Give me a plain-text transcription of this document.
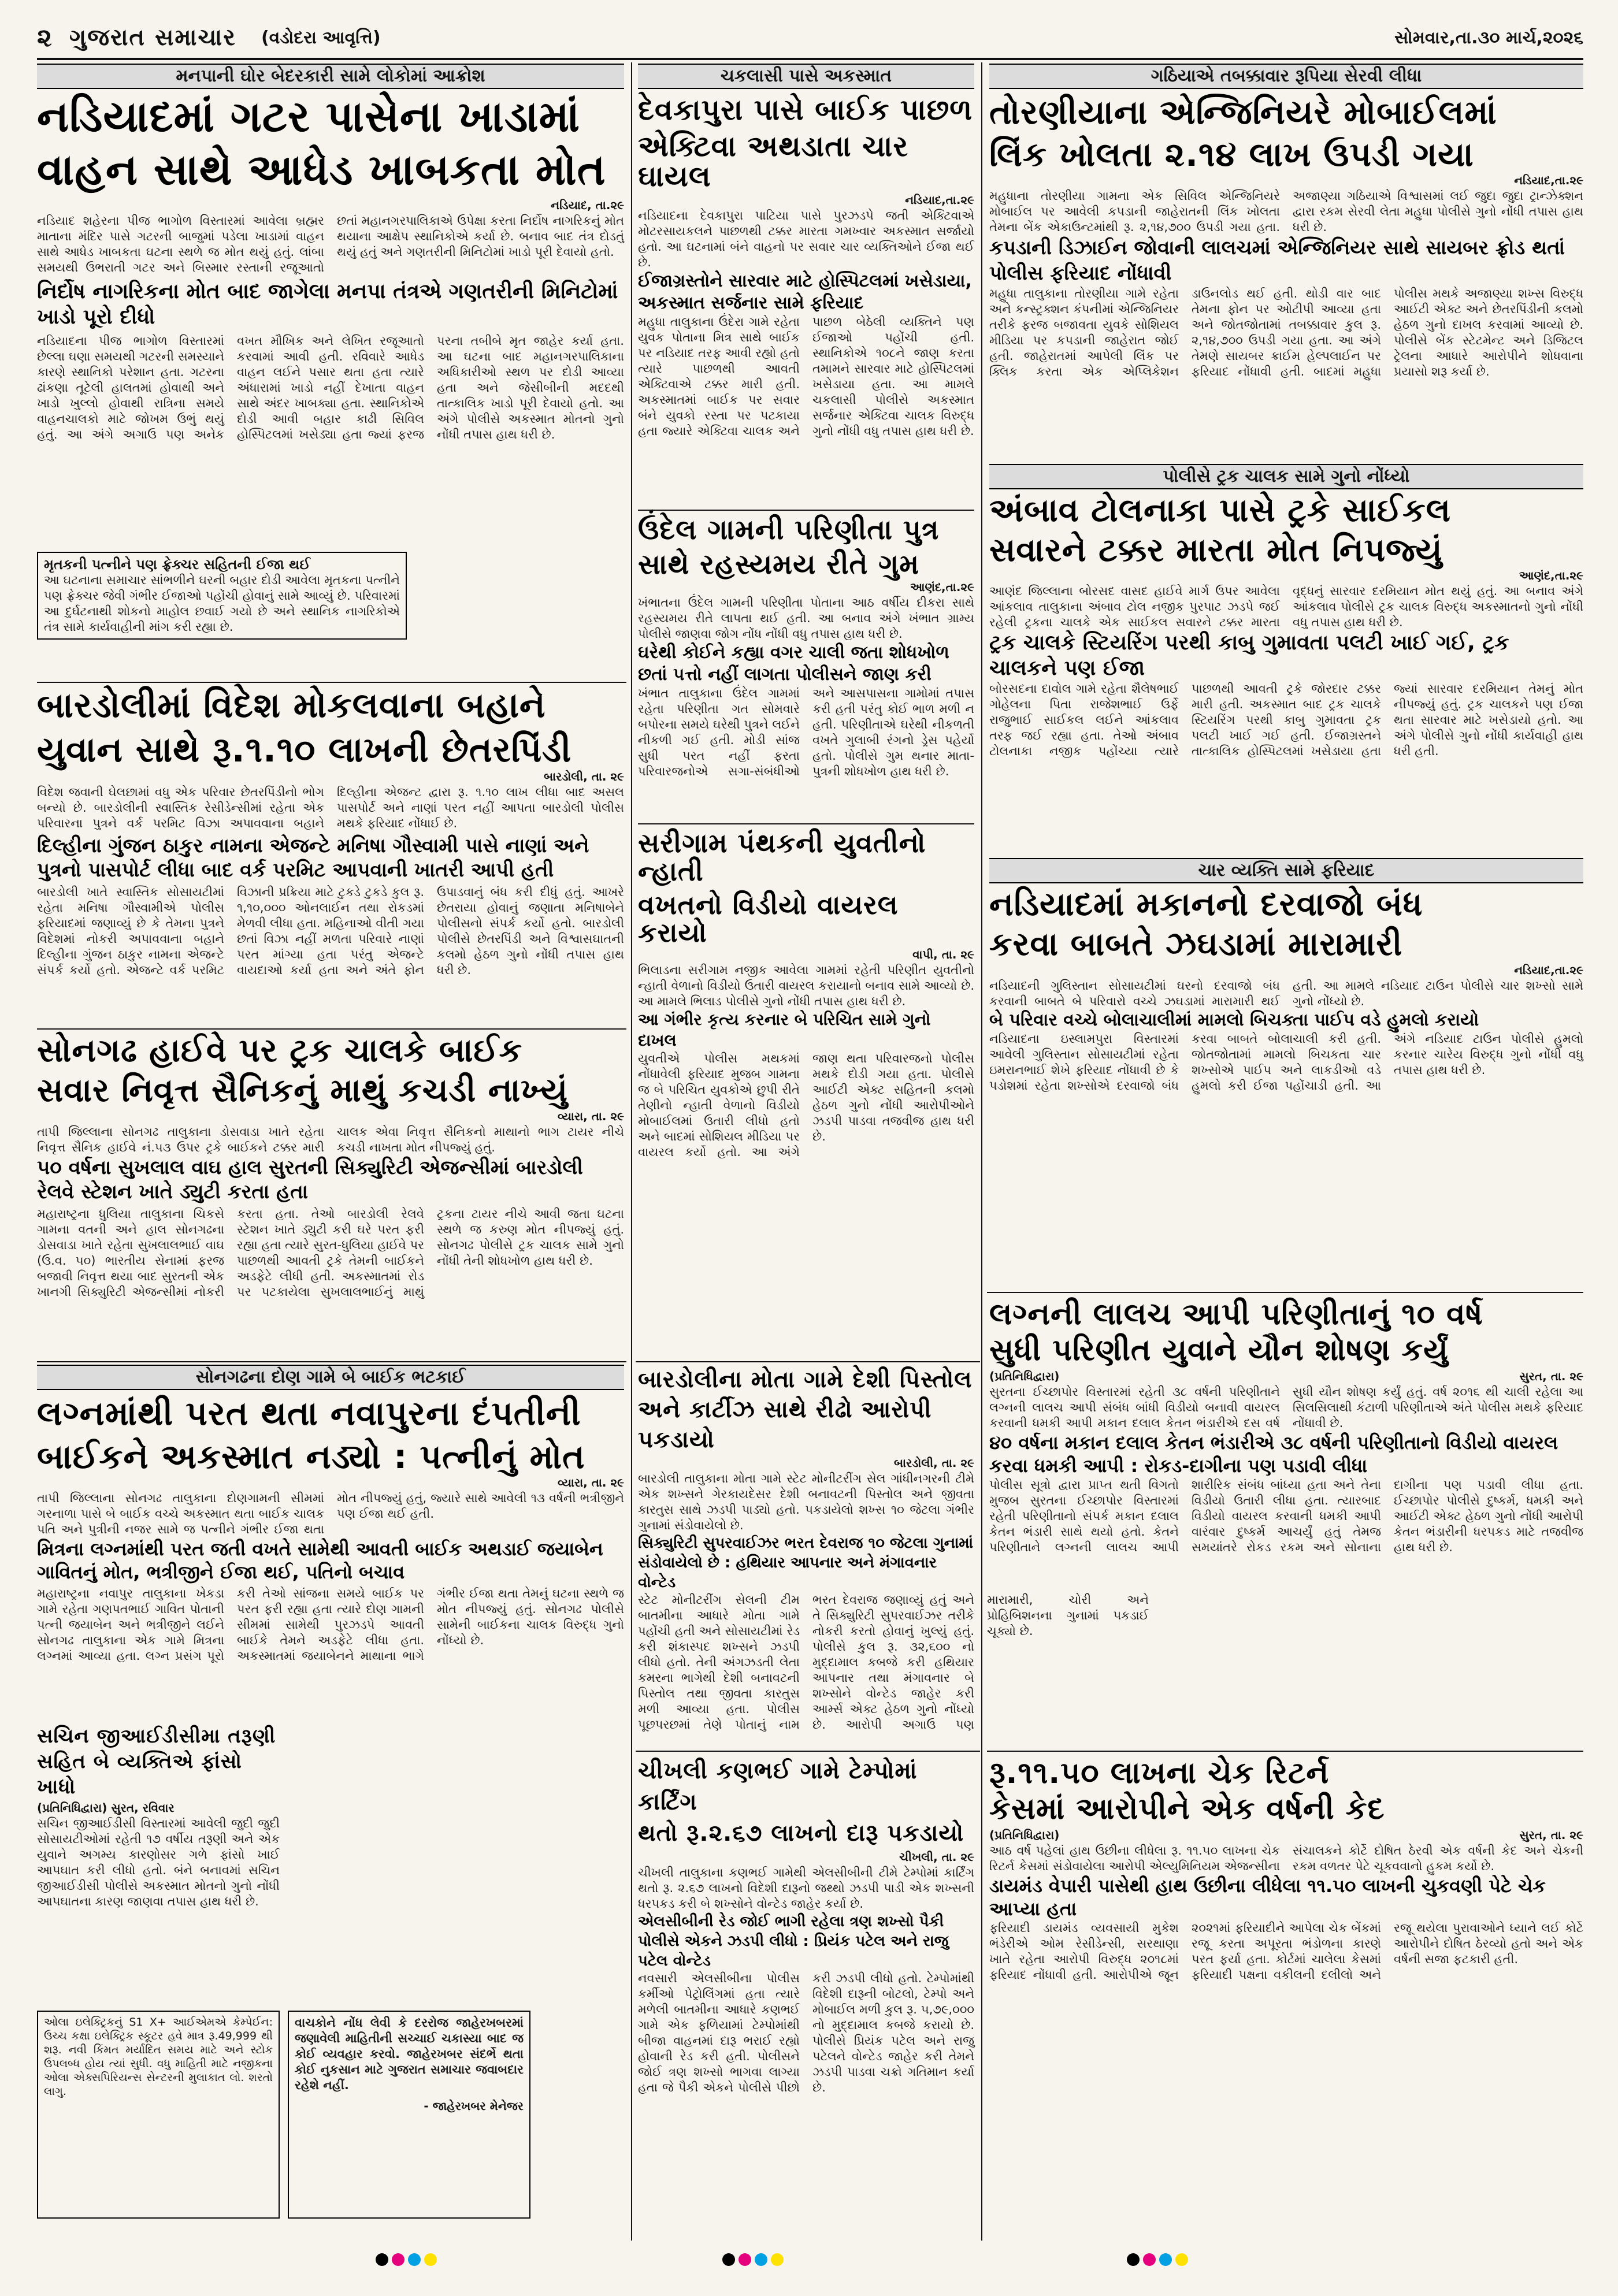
૨ ગુજરાત સમાચાર (વડોદરા આવૃત્તિ)	સોમવાર,તા.૩૦ માર્ચ,૨૦૨૬
મનપાની ઘોર બેદરકારી સામે લોકોમાં આક્રોશ
નડિયાદમાં ગટર પાસેના ખાડામાં
વાહન સાથે આધેડ ખાબકતા મોત
નડિયાદ, તા.૨૯
નડિયાદ શહેરના પીજ ભાગોળ વિસ્તારમાં આવેલા બ્રહ્મર માતાના મંદિર પાસે ગટરની બાજુમાં પડેલા ખાડામાં વાહન સાથે આધેડ ખાબકતા ઘટના સ્થળે જ મોત થયું હતું. લાંબા સમયથી ઉભરાતી ગટર અને બિસ્માર રસ્તાની રજૂઆતો છતાં મહાનગરપાલિકાએ ઉપેક્ષા કરતા નિર્દોષ નાગરિકનું મોત થયાના આક્ષેપ સ્થાનિકોએ કર્યા છે. બનાવ બાદ તંત્ર દોડતું થયું હતું અને ગણતરીની મિનિટોમાં ખાડો પૂરી દેવાયો હતો.
નિર્દોષ નાગરિકના મોત બાદ જાગેલા મનપા તંત્રએ ગણતરીની મિનિટોમાં ખાડો પૂરો દીધો
નડિયાદના પીજ ભાગોળ વિસ્તારમાં છેલ્લા ઘણા સમયથી ગટરની સમસ્યાને કારણે સ્થાનિકો પરેશાન હતા. ગટરના ઢાંકણા તૂટેલી હાલતમાં હોવાથી અને ખાડો ખુલ્લો હોવાથી રાત્રિના સમયે વાહનચાલકો માટે જોખમ ઉભું થયું હતું. આ અંગે અગાઉ પણ અનેક વખત મૌખિક અને લેખિત રજૂઆતો કરવામાં આવી હતી. રવિવારે આધેડ વાહન લઈને પસાર થતા હતા ત્યારે અંધારામાં ખાડો નહીં દેખાતા વાહન સાથે અંદર ખાબક્યા હતા. સ્થાનિકોએ દોડી આવી બહાર કાઢી સિવિલ હોસ્પિટલમાં ખસેડ્યા હતા જ્યાં ફરજ પરના તબીબે મૃત જાહેર કર્યા હતા. આ ઘટના બાદ મહાનગરપાલિકાના અધિકારીઓ સ્થળ પર દોડી આવ્યા હતા અને જેસીબીની મદદથી તાત્કાલિક ખાડો પૂરી દેવાયો હતો. આ અંગે પોલીસે અકસ્માત મોતનો ગુનો નોંધી તપાસ હાથ ધરી છે.
મૃતકની પત્નીને પણ ફ્રેક્ચર સહિતની ઈજા થઈ
આ ઘટનાના સમાચાર સાંભળીને ઘરની બહાર દોડી આવેલા મૃતકના પત્નીને પણ ફ્રેક્ચર જેવી ગંભીર ઈજાઓ પહોંચી હોવાનું સામે આવ્યું છે. પરિવારમાં આ દુર્ઘટનાથી શોકનો માહોલ છવાઈ ગયો છે અને સ્થાનિક નાગરિકોએ તંત્ર સામે કાર્યવાહીની માંગ કરી રહ્યા છે.
બારડોલીમાં વિદેશ મોકલવાના બહાને
યુવાન સાથે રૂ.૧.૧૦ લાખની છેતરપિંડી
બારડોલી, તા. ૨૯
વિદેશ જવાની ઘેલછામાં વધુ એક પરિવાર છેતરપિંડીનો ભોગ બન્યો છે. બારડોલીની સ્વાસ્તિક રેસીડેન્સીમાં રહેતા એક પરિવારના પુત્રને વર્ક પરમિટ વિઝા અપાવવાના બહાને દિલ્હીના એજન્ટ દ્વારા રૂ. ૧.૧૦ લાખ લીધા બાદ અસલ પાસપોર્ટ અને નાણાં પરત નહીં આપતા બારડોલી પોલીસ મથકે ફરિયાદ નોંધાઈ છે.
દિલ્હીના ગુંજન ઠાકુર નામના એજન્ટે મનિષા ગૌસ્વામી પાસે નાણાં અને પુત્રનો પાસપોર્ટ લીધા બાદ વર્ક પરમિટ આપવાની ખાતરી આપી હતી
બારડોલી ખાતે સ્વાસ્તિક સોસાયટીમાં રહેતા મનિષા ગૌસ્વામીએ પોલીસ ફરિયાદમાં જણાવ્યું છે કે તેમના પુત્રને વિદેશમાં નોકરી અપાવવાના બહાને દિલ્હીના ગુંજન ઠાકુર નામના એજન્ટે સંપર્ક કર્યો હતો. એજન્ટે વર્ક પરમિટ વિઝાની પ્રક્રિયા માટે ટુકડે ટુકડે કુલ રૂ. ૧,૧૦,૦૦૦ ઓનલાઈન તથા રોકડમાં મેળવી લીધા હતા. મહિનાઓ વીતી ગયા છતાં વિઝા નહીં મળતા પરિવારે નાણાં પરત માંગ્યા હતા પરંતુ એજન્ટે વાયદાઓ કર્યા હતા અને અંતે ફોન ઉપાડવાનું બંધ કરી દીધું હતું. આખરે છેતરાયા હોવાનું જણાતા મનિષાબેને પોલીસનો સંપર્ક કર્યો હતો. બારડોલી પોલીસે છેતરપિંડી અને વિશ્વાસઘાતની કલમો હેઠળ ગુનો નોંધી તપાસ હાથ ધરી છે.
સોનગઢ હાઈવે પર ટ્રક ચાલકે બાઈક
સવાર નિવૃત્ત સૈનિકનું માથું કચડી નાખ્યું
વ્યારા, તા. ૨૯
તાપી જિલ્લાના સોનગઢ તાલુકાના ડોસવાડા ખાતે રહેતા નિવૃત્ત સૈનિક હાઈવે નં.૫૩ ઉપર ટ્રકે બાઈકને ટક્કર મારી ચાલક એવા નિવૃત્ત સૈનિકનો માથાનો ભાગ ટાયર નીચે કચડી નાખતા મોત નીપજ્યું હતું.
૫૦ વર્ષના સુખલાલ વાઘ હાલ સુરતની સિક્યુરિટી એજન્સીમાં બારડોલી રેલવે સ્ટેશન ખાતે ડ્યુટી કરતા હતા
મહારાષ્ટ્રના ધુલિયા તાલુકાના ચિકસે ગામના વતની અને હાલ સોનગઢના ડોસવાડા ખાતે રહેતા સુખલાલભાઈ વાઘ (ઉ.વ. ૫૦) ભારતીય સેનામાં ફરજ બજાવી નિવૃત્ત થયા બાદ સુરતની એક ખાનગી સિક્યુરિટી એજન્સીમાં નોકરી કરતા હતા. તેઓ બારડોલી રેલવે સ્ટેશન ખાતે ડ્યુટી કરી ઘરે પરત ફરી રહ્યા હતા ત્યારે સુરત-ધુલિયા હાઈવે પર પાછળથી આવતી ટ્રકે તેમની બાઈકને અડફેટે લીધી હતી. અકસ્માતમાં રોડ પર પટકાયેલા સુખલાલભાઈનું માથું ટ્રકના ટાયર નીચે આવી જતા ઘટના સ્થળે જ કરુણ મોત નીપજ્યું હતું. સોનગઢ પોલીસે ટ્રક ચાલક સામે ગુનો નોંધી તેની શોધખોળ હાથ ધરી છે.
સોનગઢના દોણ ગામે બે બાઈક ભટકાઈ
લગ્નમાંથી પરત થતા નવાપુરના દંપતીની
બાઈકને અકસ્માત નડ્યો : પત્નીનું મોત
વ્યારા, તા. ૨૯
તાપી જિલ્લાના સોનગઢ તાલુકાના દોણગામની સીમમાં ગરનાળા પાસે બે બાઈક વચ્ચે અકસ્માત થતા બાઈક ચાલક પતિ અને પુત્રીની નજર સામે જ પત્નીને ગંભીર ઈજા થતા મોત નીપજ્યું હતું, જ્યારે સાથે આવેલી ૧૩ વર્ષની ભત્રીજીને પણ ઈજા થઈ હતી.
મિત્રના લગ્નમાંથી પરત જતી વખતે સામેથી આવતી બાઈક અથડાઈ જયાબેન ગાવિતનું મોત, ભત્રીજીને ઈજા થઈ, પતિનો બચાવ
મહારાષ્ટ્રના નવાપુર તાલુકાના ખેકડા ગામે રહેતા ગણપતભાઈ ગાવિત પોતાની પત્ની જયાબેન અને ભત્રીજીને લઈને સોનગઢ તાલુકાના એક ગામે મિત્રના લગ્નમાં આવ્યા હતા. લગ્ન પ્રસંગ પૂરો કરી તેઓ સાંજના સમયે બાઈક પર પરત ફરી રહ્યા હતા ત્યારે દોણ ગામની સીમમાં સામેથી પુરઝડપે આવતી બાઈકે તેમને અડફેટે લીધા હતા. અકસ્માતમાં જયાબેનને માથાના ભાગે ગંભીર ઈજા થતા તેમનું ઘટના સ્થળે જ મોત નીપજ્યું હતું. સોનગઢ પોલીસે સામેની બાઈકના ચાલક વિરુદ્ધ ગુનો નોંધ્યો છે.
સચિન જીઆઈડીસીમા તરૂણી સહિત બે વ્યક્તિએ ફાંસો ખાધો
(પ્રતિનિધિદ્વારા) સુરત, રવિવાર
સચિન જીઆઈડીસી વિસ્તારમાં આવેલી જુદી જુદી સોસાયટીઓમાં રહેતી ૧૭ વર્ષીય તરૂણી અને એક યુવાને અગમ્ય કારણોસર ગળે ફાંસો ખાઈ આપઘાત કરી લીધો હતો. બંને બનાવમાં સચિન જીઆઈડીસી પોલીસે અકસ્માત મોતનો ગુનો નોંધી આપઘાતના કારણ જાણવા તપાસ હાથ ધરી છે.
ઓલા ઇલેક્ટ્રિકનું S1 X+ આઈએમએ કેમ્પેઈન: ઉચ્ચ કક્ષા ઇલેક્ટ્રિક સ્કૂટર હવે માત્ર રૂ.49,999 થી શરૂ. નવી કિંમત મર્યાદિત સમય માટે અને સ્ટોક ઉપલબ્ધ હોય ત્યાં સુધી. વધુ માહિતી માટે નજીકના ઓલા એક્સપિરિયન્સ સેન્ટરની મુલાકાત લો. શરતો લાગુ.
વાચકોને નોંધ લેવી કે દરરોજ જાહેરખબરમાં જણાવેલી માહિતીની સચ્ચાઈ ચકાસ્યા બાદ જ કોઈ વ્યવહાર કરવો. જાહેરખબર સંદર્ભે થતા કોઈ નુકસાન માટે ગુજરાત સમાચાર જવાબદાર રહેશે નહીં.
- જાહેરખબર મેનેજર
ચકલાસી પાસે અકસ્માત
દેવકાપુરા પાસે બાઈક પાછળ
એક્ટિવા અથડાતા ચાર ઘાયલ
નડિયાદ,તા.૨૯
નડિયાદના દેવકાપુરા પાટિયા પાસે પુરઝડપે જતી એક્ટિવાએ મોટરસાયકલને પાછળથી ટક્કર મારતા ગમખ્વાર અકસ્માત સર્જાયો હતો. આ ઘટનામાં બંને વાહનો પર સવાર ચાર વ્યક્તિઓને ઈજા થઈ છે.
ઈજાગ્રસ્તોને સારવાર માટે હોસ્પિટલમાં ખસેડાયા, અકસ્માત સર્જનાર સામે ફરિયાદ
મહુધા તાલુકાના ઉંદેરા ગામે રહેતા યુવક પોતાના મિત્ર સાથે બાઈક પર નડિયાદ તરફ આવી રહ્યો હતો ત્યારે પાછળથી આવતી એક્ટિવાએ ટક્કર મારી હતી. અકસ્માતમાં બાઈક પર સવાર બંને યુવકો રસ્તા પર પટકાયા હતા જ્યારે એક્ટિવા ચાલક અને પાછળ બેઠેલી વ્યક્તિને પણ ઈજાઓ પહોંચી હતી. સ્થાનિકોએ ૧૦૮ને જાણ કરતા તમામને સારવાર માટે હોસ્પિટલમાં ખસેડાયા હતા. આ મામલે ચકલાસી પોલીસે અકસ્માત સર્જનાર એક્ટિવા ચાલક વિરુદ્ધ ગુનો નોંધી વધુ તપાસ હાથ ધરી છે.
ઉંદેલ ગામની પરિણીતા પુત્ર
સાથે રહસ્યમય રીતે ગુમ
આણંદ,તા.૨૯
ખંભાતના ઉંદેલ ગામની પરિણીતા પોતાના આઠ વર્ષીય દીકરા સાથે રહસ્યમય રીતે લાપતા થઈ હતી. આ બનાવ અંગે ખંભાત ગ્રામ્ય પોલીસે જાણવા જોગ નોંધ નોંધી વધુ તપાસ હાથ ધરી છે.
ઘરેથી કોઈને કહ્યા વગર ચાલી જતા શોધખોળ છતાં પત્તો નહીં લાગતા પોલીસને જાણ કરી
ખંભાત તાલુકાના ઉંદેલ ગામમાં રહેતા પરિણીતા ગત સોમવારે બપોરના સમયે ઘરેથી પુત્રને લઈને નીકળી ગઈ હતી. મોડી સાંજ સુધી પરત નહીં ફરતા પરિવારજનોએ સગા-સંબંધીઓ અને આસપાસના ગામોમાં તપાસ કરી હતી પરંતુ કોઈ ભાળ મળી ન હતી. પરિણીતાએ ઘરેથી નીકળતી વખતે ગુલાબી રંગનો ડ્રેસ પહેર્યો હતો. પોલીસે ગુમ થનાર માતા-પુત્રની શોધખોળ હાથ ધરી છે.
સરીગામ પંથકની યુવતીનો ન્હાતી
વખતનો વિડીયો વાયરલ કરાયો
વાપી, તા. ૨૯
ભિલાડના સરીગામ નજીક આવેલા ગામમાં રહેતી પરિણીત યુવતીનો ન્હાતી વેળાનો વિડીયો ઉતારી વાયરલ કરાયાનો બનાવ સામે આવ્યો છે. આ મામલે ભિલાડ પોલીસે ગુનો નોંધી તપાસ હાથ ધરી છે.
આ ગંભીર કૃત્ય કરનાર બે પરિચિત સામે ગુનો દાખલ
યુવતીએ પોલીસ મથકમાં નોંધાવેલી ફરિયાદ મુજબ ગામના જ બે પરિચિત યુવકોએ છુપી રીતે તેણીનો ન્હાતી વેળાનો વિડીયો મોબાઈલમાં ઉતારી લીધો હતો અને બાદમાં સોશિયલ મીડિયા પર વાયરલ કર્યો હતો. આ અંગે જાણ થતા પરિવારજનો પોલીસ મથકે દોડી ગયા હતા. પોલીસે આઈટી એક્ટ સહિતની કલમો હેઠળ ગુનો નોંધી આરોપીઓને ઝડપી પાડવા તજવીજ હાથ ધરી છે.
બારડોલીના મોતા ગામે દેશી પિસ્તોલ
અને કાર્ટીઝ સાથે રીઢો આરોપી પકડાયો
બારડોલી, તા. ૨૯
બારડોલી તાલુકાના મોતા ગામે સ્ટેટ મોનીટરીંગ સેલ ગાંધીનગરની ટીમે એક શખ્સને ગેરકાયદેસર દેશી બનાવટની પિસ્તોલ અને જીવતા કારતુસ સાથે ઝડપી પાડ્યો હતો. પકડાયેલો શખ્સ ૧૦ જેટલા ગંભીર ગુનામાં સંડોવાયેલો છે.
સિક્યુરિટી સુપરવાઈઝર ભરત દેવરાજ ૧૦ જેટલા ગુનામાં સંડોવાયેલો છે : હથિયાર આપનાર અને મંગાવનાર વોન્ટેડ
સ્ટેટ મોનીટરીંગ સેલની ટીમ બાતમીના આધારે મોતા ગામે પહોંચી હતી અને સોસાયટીમાં રેડ કરી શંકાસ્પદ શખ્સને ઝડપી લીધો હતો. તેની અંગઝડતી લેતા કમરના ભાગેથી દેશી બનાવટની પિસ્તોલ તથા જીવતા કારતુસ મળી આવ્યા હતા. પોલીસ પૂછપરછમાં તેણે પોતાનું નામ ભરત દેવરાજ જણાવ્યું હતું અને તે સિક્યુરિટી સુપરવાઈઝર તરીકે નોકરી કરતો હોવાનું ખુલ્યું હતું. પોલીસે કુલ રૂ. ૩૨,૬૦૦ નો મુદ્દામાલ કબજે કરી હથિયાર આપનાર તથા મંગાવનાર બે શખ્સોને વોન્ટેડ જાહેર કરી આર્મ્સ એક્ટ હેઠળ ગુનો નોંધ્યો છે. આરોપી અગાઉ પણ મારામારી, ચોરી અને પ્રોહિબિશનના ગુનામાં પકડાઈ ચૂક્યો છે.
ચીખલી કણભઈ ગામે ટેમ્પોમાં કાર્ટિંગ
થતો રૂ.૨.૬૭ લાખનો દારૂ પકડાયો
ચીખલી, તા. ૨૯
ચીખલી તાલુકાના કણભઈ ગામેથી એલસીબીની ટીમે ટેમ્પોમાં કાર્ટિંગ થતો રૂ. ૨.૬૭ લાખનો વિદેશી દારૂનો જથ્થો ઝડપી પાડી એક શખ્સની ધરપકડ કરી બે શખ્સોને વોન્ટેડ જાહેર કર્યા છે.
એલસીબીની રેડ જોઈ ભાગી રહેલા ત્રણ શખ્સો પૈકી પોલીસે એકને ઝડપી લીધો : પ્રિયંક પટેલ અને રાજુ પટેલ વોન્ટેડ
નવસારી એલસીબીના પોલીસ કર્મીઓ પેટ્રોલિંગમાં હતા ત્યારે મળેલી બાતમીના આધારે કણભઈ ગામે એક ફળિયામાં ટેમ્પોમાંથી બીજા વાહનમાં દારૂ ભરાઈ રહ્યો હોવાની રેડ કરી હતી. પોલીસને જોઈ ત્રણ શખ્સો ભાગવા લાગ્યા હતા જે પૈકી એકને પોલીસે પીછો કરી ઝડપી લીધો હતો. ટેમ્પોમાંથી વિદેશી દારૂની બોટલો, ટેમ્પો અને મોબાઈલ મળી કુલ રૂ. ૫,૭૯,૦૦૦ નો મુદ્દામાલ કબજે કરાયો છે. પોલીસે પ્રિયંક પટેલ અને રાજુ પટેલને વોન્ટેડ જાહેર કરી તેમને ઝડપી પાડવા ચક્રો ગતિમાન કર્યા છે.
ગઠિયાએ તબક્કાવાર રૂપિયા સેરવી લીધા
તોરણીયાના એન્જિનિયરે મોબાઈલમાં
લિંક ખોલતા ૨.૧૪ લાખ ઉપડી ગયા
નડિયાદ,તા.૨૯
મહુધાના તોરણીયા ગામના એક સિવિલ એન્જિનિયરે મોબાઈલ પર આવેલી કપડાની જાહેરાતની લિંક ખોલતા તેમના બેંક એકાઉન્ટમાંથી રૂ. ૨,૧૪,૭૦૦ ઉપડી ગયા હતા. અજાણ્યા ગઠિયાએ વિશ્વાસમાં લઈ જુદા જુદા ટ્રાન્ઝેક્શન દ્વારા રકમ સેરવી લેતા મહુધા પોલીસે ગુનો નોંધી તપાસ હાથ ધરી છે.
કપડાની ડિઝાઈન જોવાની લાલચમાં એન્જિનિયર સાથે સાયબર ફ્રોડ થતાં પોલીસ ફરિયાદ નોંધાવી
મહુધા તાલુકાના તોરણીયા ગામે રહેતા અને કન્સ્ટ્રક્શન કંપનીમાં એન્જિનિયર તરીકે ફરજ બજાવતા યુવકે સોશિયલ મીડિયા પર કપડાની જાહેરાત જોઈ હતી. જાહેરાતમાં આપેલી લિંક પર ક્લિક કરતા એક એપ્લિકેશન ડાઉનલોડ થઈ હતી. થોડી વાર બાદ તેમના ફોન પર ઓટીપી આવ્યા હતા અને જોતજોતામાં તબક્કાવાર કુલ રૂ. ૨,૧૪,૭૦૦ ઉપડી ગયા હતા. આ અંગે તેમણે સાયબર ક્રાઈમ હેલ્પલાઈન પર ફરિયાદ નોંધાવી હતી. બાદમાં મહુધા પોલીસ મથકે અજાણ્યા શખ્સ વિરુદ્ધ આઈટી એક્ટ અને છેતરપિંડીની કલમો હેઠળ ગુનો દાખલ કરવામાં આવ્યો છે. પોલીસે બેંક સ્ટેટમેન્ટ અને ડિજિટલ ટ્રેલના આધારે આરોપીને શોધવાના પ્રયાસો શરૂ કર્યા છે.
પોલીસે ટ્રક ચાલક સામે ગુનો નોંધ્યો
અંબાવ ટોલનાકા પાસે ટ્રકે સાઈકલ
સવારને ટક્કર મારતા મોત નિપજ્યું
આણંદ,તા.૨૯
આણંદ જિલ્લાના બોરસદ વાસદ હાઈવે માર્ગ ઉપર આવેલા આંકલાવ તાલુકાના અંબાવ ટોલ નજીક પુરપાટ ઝડપે જઈ રહેલી ટ્રકના ચાલકે એક સાઈકલ સવારને ટક્કર મારતા વૃદ્ધનું સારવાર દરમિયાન મોત થયું હતું. આ બનાવ અંગે આંકલાવ પોલીસે ટ્રક ચાલક વિરુદ્ધ અકસ્માતનો ગુનો નોંધી વધુ તપાસ હાથ ધરી છે.
ટ્રક ચાલકે સ્ટિયરિંગ પરથી કાબુ ગુમાવતા પલટી ખાઈ ગઈ, ટ્રક ચાલકને પણ ઈજા
બોરસદના દાવોલ ગામે રહેતા શૈલેષભાઈ ગોહેલના પિતા રાજેશભાઈ ઉર્ફે રાજુભાઈ સાઈકલ લઈને આંકલાવ તરફ જઈ રહ્યા હતા. તેઓ અંબાવ ટોલનાકા નજીક પહોંચ્યા ત્યારે પાછળથી આવતી ટ્રકે જોરદાર ટક્કર મારી હતી. અકસ્માત બાદ ટ્રક ચાલકે સ્ટિયરિંગ પરથી કાબુ ગુમાવતા ટ્રક પલટી ખાઈ ગઈ હતી. ઈજાગ્રસ્તને તાત્કાલિક હોસ્પિટલમાં ખસેડાયા હતા જ્યાં સારવાર દરમિયાન તેમનું મોત નીપજ્યું હતું. ટ્રક ચાલકને પણ ઈજા થતા સારવાર માટે ખસેડાયો હતો. આ અંગે પોલીસે ગુનો નોંધી કાર્યવાહી હાથ ધરી હતી.
ચાર વ્યક્તિ સામે ફરિયાદ
નડિયાદમાં મકાનનો દરવાજો બંધ
કરવા બાબતે ઝઘડામાં મારામારી
નડિયાદ,તા.૨૯
નડિયાદની ગુલિસ્તાન સોસાયટીમાં ઘરનો દરવાજો બંધ કરવાની બાબતે બે પરિવારો વચ્ચે ઝઘડામાં મારામારી થઈ હતી. આ મામલે નડિયાદ ટાઉન પોલીસે ચાર શખ્સો સામે ગુનો નોંધ્યો છે.
બે પરિવાર વચ્ચે બોલાચાલીમાં મામલો બિચક્તા પાઈપ વડે હુમલો કરાયો
નડિયાદના ઇસ્લામપુરા વિસ્તારમાં આવેલી ગુલિસ્તાન સોસાયટીમાં રહેતા ઇમરાનભાઈ શેખે ફરિયાદ નોંધાવી છે કે પડોશમાં રહેતા શખ્સોએ દરવાજો બંધ કરવા બાબતે બોલાચાલી કરી હતી. જોતજોતામાં મામલો બિચકતા ચાર શખ્સોએ પાઈપ અને લાકડીઓ વડે હુમલો કરી ઈજા પહોંચાડી હતી. આ અંગે નડિયાદ ટાઉન પોલીસે હુમલો કરનાર ચારેય વિરુદ્ધ ગુનો નોંધી વધુ તપાસ હાથ ધરી છે.
લગ્નની લાલચ આપી પરિણીતાનું ૧૦ વર્ષ
સુધી પરિણીત યુવાને યૌન શોષણ કર્યું
(પ્રતિનિધિદ્વારા)	સુરત, તા. ૨૯
સુરતના ઈચ્છાપોર વિસ્તારમાં રહેતી ૩૮ વર્ષની પરિણીતાને લગ્નની લાલચ આપી સંબંધ બાંધી વિડીયો બનાવી વાયરલ કરવાની ધમકી આપી મકાન દલાલ કેતન ભંડારીએ દસ વર્ષ સુધી યૌન શોષણ કર્યું હતું. વર્ષ ૨૦૧૬ થી ચાલી રહેલા આ સિલસિલાથી કંટાળી પરિણીતાએ અંતે પોલીસ મથકે ફરિયાદ નોંધાવી છે.
૪૦ વર્ષના મકાન દલાલ કેતન ભંડારીએ ૩૮ વર્ષની પરિણીતાનો વિડીયો વાયરલ કરવા ધમકી આપી : રોકડ-દાગીના પણ પડાવી લીધા
પોલીસ સૂત્રો દ્વારા પ્રાપ્ત થતી વિગતો મુજબ સુરતના ઈચ્છાપોર વિસ્તારમાં રહેતી પરિણીતાનો સંપર્ક મકાન દલાલ કેતન ભંડારી સાથે થયો હતો. કેતને પરિણીતાને લગ્નની લાલચ આપી શારીરિક સંબંધ બાંધ્યા હતા અને તેના વિડીયો ઉતારી લીધા હતા. ત્યારબાદ વિડીયો વાયરલ કરવાની ધમકી આપી વારંવાર દુષ્કર્મ આચર્યું હતું તેમજ સમયાંતરે રોકડ રકમ અને સોનાના દાગીના પણ પડાવી લીધા હતા. ઈચ્છાપોર પોલીસે દુષ્કર્મ, ધમકી અને આઈટી એક્ટ હેઠળ ગુનો નોંધી આરોપી કેતન ભંડારીની ધરપકડ માટે તજવીજ હાથ ધરી છે.
રૂ.૧૧.૫૦ લાખના ચેક રિટર્ન
કેસમાં આરોપીને એક વર્ષની કેદ
(પ્રતિનિધિદ્વારા)	સુરત, તા. ૨૯
આઠ વર્ષ પહેલાં હાથ ઉછીના લીધેલા રૂ. ૧૧.૫૦ લાખના ચેક રિટર્ન કેસમાં સંડોવાયેલા આરોપી એલ્યુમિનિયમ એજન્સીના સંચાલકને કોર્ટે દોષિત ઠેરવી એક વર્ષની કેદ અને ચેકની રકમ વળતર પેટે ચૂકવવાનો હુકમ કર્યો છે.
ડાયમંડ વેપારી પાસેથી હાથ ઉછીના લીધેલા ૧૧.૫૦ લાખની ચુકવણી પેટે ચેક આપ્યા હતા
ફરિયાદી ડાયમંડ વ્યવસાયી મુકેશ ભંડેરીએ ઓમ રેસીડેન્સી, સરથાણા ખાતે રહેતા આરોપી વિરુદ્ધ ૨૦૧૮માં ફરિયાદ નોંધાવી હતી. આરોપીએ જૂન ૨૦૨૧માં ફરિયાદીને આપેલા ચેક બેંકમાં રજૂ કરતા અપૂરતા ભંડોળના કારણે પરત ફર્યા હતા. કોર્ટમાં ચાલેલા કેસમાં ફરિયાદી પક્ષના વકીલની દલીલો અને રજૂ થયેલા પુરાવાઓને ધ્યાને લઈ કોર્ટે આરોપીને દોષિત ઠેરવ્યો હતો અને એક વર્ષની સજા ફટકારી હતી.
